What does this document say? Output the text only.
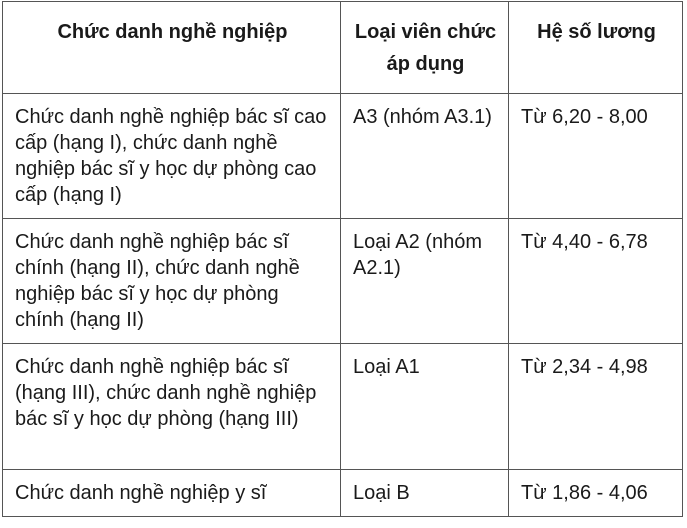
Chức danh nghề nghiệp	Loại viên chức áp dụng	Hệ số lương
Chức danh nghề nghiệp bác sĩ cao cấp (hạng I), chức danh nghề nghiệp bác sĩ y học dự phòng cao cấp (hạng I)	A3 (nhóm A3.1)	Từ 6,20 - 8,00
Chức danh nghề nghiệp bác sĩ chính (hạng II), chức danh nghề nghiệp bác sĩ y học dự phòng chính (hạng II)	Loại A2 (nhóm A2.1)	Từ 4,40 - 6,78
Chức danh nghề nghiệp bác sĩ (hạng III), chức danh nghề nghiệp bác sĩ y học dự phòng (hạng III)	Loại A1	Từ 2,34 - 4,98
Chức danh nghề nghiệp y sĩ	Loại B	Từ 1,86 - 4,06
